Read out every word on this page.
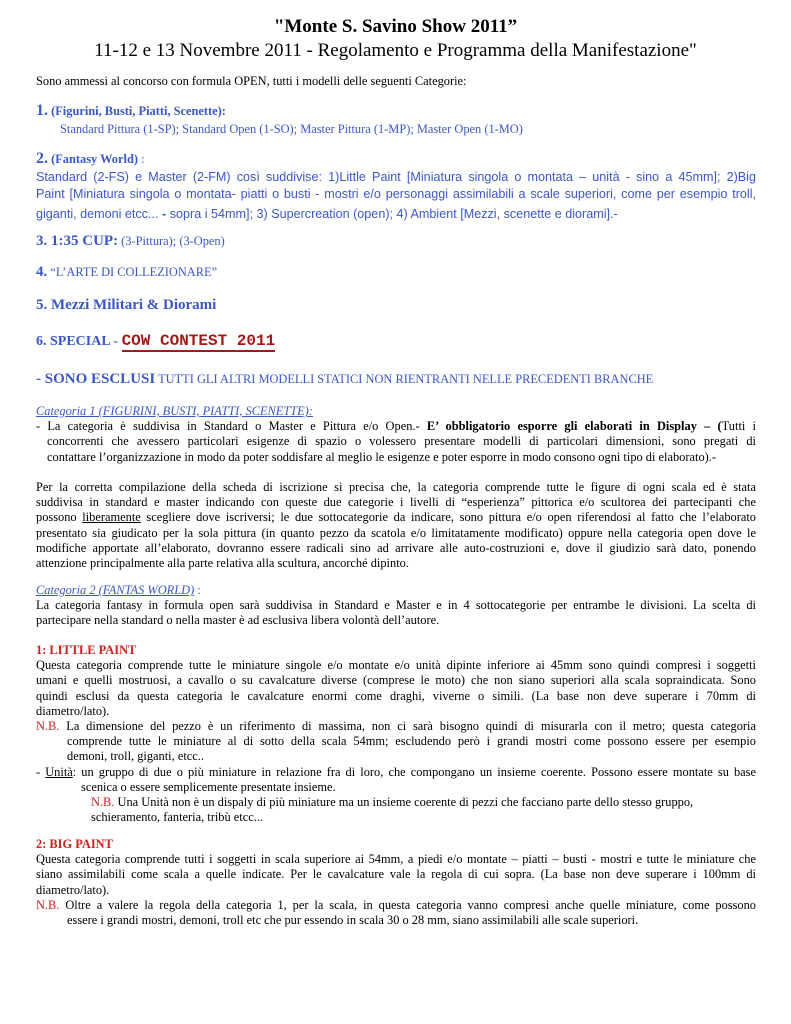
"Monte S. Savino Show 2011”
11-12 e 13 Novembre 2011 - Regolamento e Programma della Manifestazione"
Sono ammessi al concorso con formula OPEN, tutti i modelli delle seguenti Categorie:
1. (Figurini, Busti, Piatti, Scenette):
Standard Pittura (1-SP); Standard Open (1-SO); Master Pittura (1-MP); Master Open (1-MO)
2. (Fantasy World) :
Standard (2-FS) e Master (2-FM) così suddivise: 1)Little Paint [Miniatura singola o montata – unità - sino a 45mm]; 2)Big
Paint [Miniatura singola o montata- piatti o busti - mostri e/o personaggi assimilabili a scale superiori, come per esempio troll,
giganti, demoni etcc... - sopra i 54mm]; 3) Supercreation (open); 4) Ambient [Mezzi, scenette e diorami].-
3. 1:35 CUP: (3-Pittura); (3-Open)
4. “L’ARTE DI COLLEZIONARE”
5. Mezzi Militari & Diorami
6. SPECIAL - COW CONTEST 2011
- SONO ESCLUSI TUTTI GLI ALTRI MODELLI STATICI NON RIENTRANTI NELLE PRECEDENTI BRANCHE
Categoria 1 (FIGURINI, BUSTI, PIATTI, SCENETTE):
- La categoria è suddivisa in Standard o Master e Pittura e/o Open.- E’ obbligatorio esporre gli elaborati in Display – (Tutti i
concorrenti che avessero particolari esigenze di spazio o volessero presentare modelli di particolari dimensioni, sono pregati di
contattare l’organizzazione in modo da poter soddisfare al meglio le esigenze e poter esporre in modo consono ogni tipo di elaborato).-
Per la corretta compilazione della scheda di iscrizione si precisa che, la categoria comprende tutte le figure di ogni scala ed è stata
suddivisa in standard e master indicando con queste due categorie i livelli di “esperienza” pittorica e/o scultorea dei partecipanti che
possono liberamente scegliere dove iscriversi; le due sottocategorie da indicare, sono pittura e/o open riferendosi al fatto che l’elaborato
presentato sia giudicato per la sola pittura (in quanto pezzo da scatola e/o limitatamente modificato) oppure nella categoria open dove le
modifiche apportate all’elaborato, dovranno essere radicali sino ad arrivare alle auto-costruzioni e, dove il giudizio sarà dato, ponendo
attenzione principalmente alla parte relativa alla scultura, ancorché dipinto.
Categoria 2 (FANTAS WORLD) :
La categoria fantasy in formula open sarà suddivisa in Standard e Master e in 4 sottocategorie per entrambe le divisioni. La scelta di
partecipare nella standard o nella master è ad esclusiva libera volontà dell’autore.
1: LITTLE PAINT
Questa categoria comprende tutte le miniature singole e/o montate e/o unità dipinte inferiore ai 45mm sono quindi compresi i soggetti
umani e quelli mostruosi, a cavallo o su cavalcature diverse (comprese le moto) che non siano superiori alla scala sopraindicata. Sono
quindi esclusi da questa categoria le cavalcature enormi come draghi, viverne o simili. (La base non deve superare i 70mm di
diametro/lato).
N.B. La dimensione del pezzo è un riferimento di massima, non ci sarà bisogno quindi di misurarla con il metro; questa categoria
comprende tutte le miniature al di sotto della scala 54mm; escludendo però i grandi mostri come possono essere per esempio
demoni, troll, giganti, etcc..
- Unità: un gruppo di due o più miniature in relazione fra di loro, che compongano un insieme coerente. Possono essere montate su base
scenica o essere semplicemente presentate insieme.
N.B. Una Unità non è un dispaly di più miniature ma un insieme coerente di pezzi che facciano parte dello stesso gruppo,
schieramento, fanteria, tribù etcc...
2: BIG PAINT
Questa categoria comprende tutti i soggetti in scala superiore ai 54mm, a piedi e/o montate – piatti – busti - mostri e tutte le miniature che
siano assimilabili come scala a quelle indicate. Per le cavalcature vale la regola di cui sopra. (La base non deve superare i 100mm di
diametro/lato).
N.B. Oltre a valere la regola della categoria 1, per la scala, in questa categoria vanno compresi anche quelle miniature, come possono
essere i grandi mostri, demoni, troll etc che pur essendo in scala 30 o 28 mm, siano assimilabili alle scale superiori.
